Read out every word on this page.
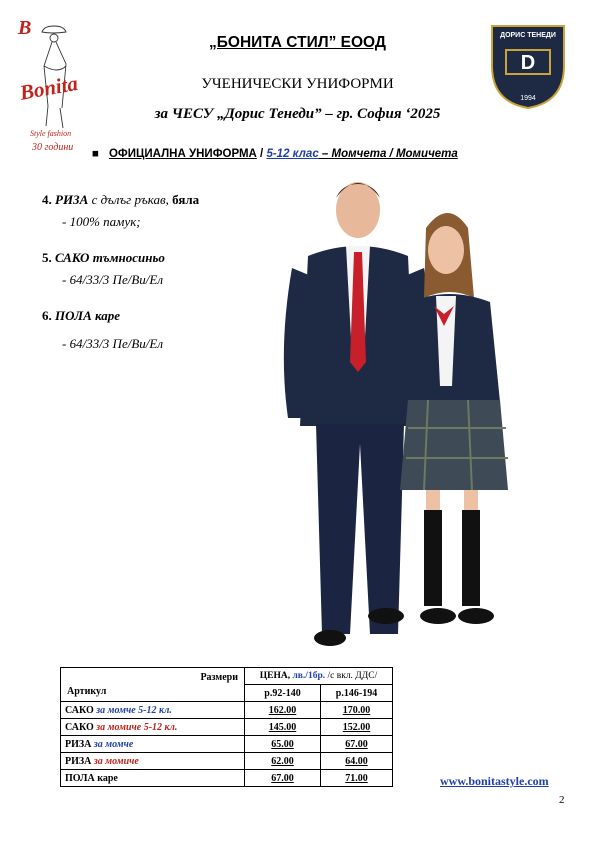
B
Bonita
Style fashion
30 години
ДОРИС ТЕНЕДИ
D
1994
„БОНИТА СТИЛ” ЕООД
УЧЕНИЧЕСКИ УНИФОРМИ
за ЧЕСУ „Дорис Тенеди” – гр. София ‘2025
■ ОФИЦИАЛНА УНИФОРМА / 5-12 клас – Момчета / Момичета
4. РИЗА с дълъг ръкав, бяла
- 100% памук;
5. САКО тъмносиньо
- 64/33/3 Пе/Ви/Ел
6. ПОЛА каре
- 64/33/3 Пе/Ви/Ел
Размери
Артикул	ЦЕНА, лв./1бр. /с вкл. ДДС/	
	р.92-140	р.146-194
САКО за момче 5-12 кл.	162.00	170.00
САКО за момиче 5-12 кл.	145.00	152.00
РИЗА за момче	65.00	67.00
РИЗА за момиче	62.00	64.00
ПОЛА каре	67.00	71.00	www.bonitastyle.com
2
